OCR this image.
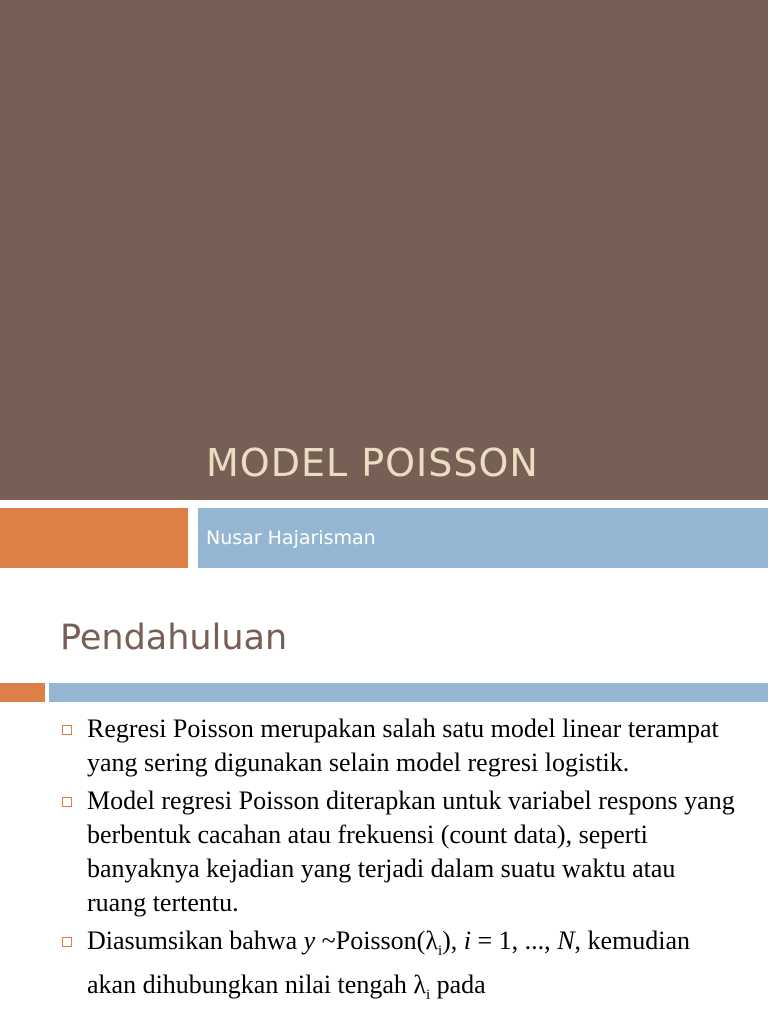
MODEL POISSON
Nusar Hajarisman
Pendahuluan
Regresi Poisson merupakan salah satu model linear terampat yang sering digunakan selain model regresi logistik.
Model regresi Poisson diterapkan untuk variabel respons yang berbentuk cacahan atau frekuensi (count data), seperti banyaknya kejadian yang terjadi dalam suatu waktu atau ruang tertentu.
Diasumsikan bahwa y $\sim Poisson(\lambda_i)$, i = 1, ..., N, kemudian akan dihubungkan nilai tengah $\lambda_i$ pada
